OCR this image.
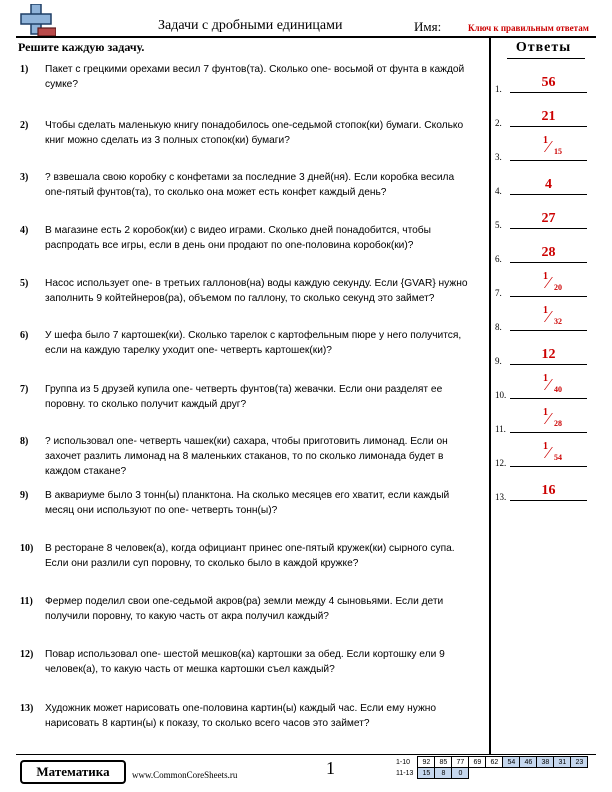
Задачи с дробными единицами	Имя:	Ключ к правильным ответам
Решите каждую задачу.	Ответы
1)	Пакет с грецкими орехами весил 7 фунтов(та). Сколько one- восьмой от фунта в каждой сумке?
2)	Чтобы сделать маленькую книгу понадобилось one-седьмой стопок(ки) бумаги. Сколько книг можно сделать из 3 полных стопок(ки) бумаги?
3)	? взвешала свою коробку с конфетами за последние 3 дней(ня). Если коробка весила one-пятый фунтов(та), то сколько она может есть конфет каждый день?
4)	В магазине есть 2 коробок(ки) с видео играми. Сколько дней понадобится, чтобы распродать все игры, если в день они продают по one-половина коробок(ки)?
5)	Насос использует one- в третьих галлонов(на) воды каждую секунду. Если {GVAR} нужно заполнить 9 койтейнеров(ра), объемом по галлону, то сколько секунд это займет?
6)	У шефа было 7 картошек(ки). Сколько тарелок с картофельным пюре у него получится, если на каждую тарелку уходит one- четверть картошек(ки)?
7)	Группа из 5 друзей купила one- четверть фунтов(та) жевачки. Если они разделят ее поровну. то сколько получит каждый друг?
8)	? использовал one- четверть чашек(ки) сахара, чтобы приготовить лимонад. Если он захочет разлить лимонад на 8 маленьких стаканов, то по сколько лимонада будет в каждом стакане?
9)	В аквариуме было 3 тонн(ы) планктона. На сколько месяцев его хватит, если каждый месяц они используют по one- четверть тонн(ы)?
10)	В ресторане 8 человек(а), когда официант принес one-пятый кружек(ки) сырного супа. Если они разлили суп поровну, то сколько было в каждой кружке?
11)	Фермер поделил свои one-седьмой акров(ра) земли между 4 сыновьями. Если дети получили поровну, то какую часть от акра получил каждый?
12)	Повар использовал one- шестой мешков(ка) картошки за обед. Если кортошку ели 9 человек(а), то какую часть от мешка картошки съел каждый?
13)	Художник может нарисовать one-половина картин(ы) каждый час. Если ему нужно нарисовать 8 картин(ы) к показу, то сколько всего часов это займет?
1.	56
2.	21
3.
1 ⁄ 15
4.	4
5.	27
6.	28
7.
1 ⁄ 20
8.
1 ⁄ 32
9.	12
10.
1 ⁄ 40
11.
1 ⁄ 28
12.
1 ⁄ 54
13.	16
Математика	www.CommonCoreSheets.ru	1	1-10	92	85	77	69	62	54	46	38	31	23
11-13	15	8	0							
